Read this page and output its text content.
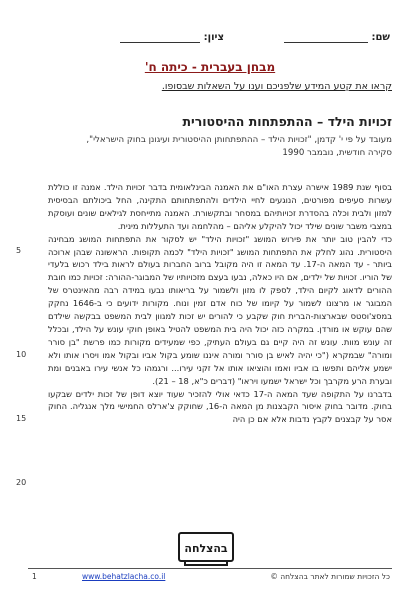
שם:
ציון:
מבחן בעברית - כיתה ח'
קראו את קטע המידע שלפניכם וענו על השאלות שבסופו.
זכויות הילד – ההתפתחות ההיסטורית
מעובד על פי י' קדמן, "זכויות הילד – ההתפתחותן ההיסטורית ועיגונן בחוק הישראלי", סקירה חודשית, נובמבר 1990

בסוף שנת 1989 אישרה עצרת האו"ם את האמנה הבינלאומית בדבר זכויות הילד. אמנה זו כוללת עשרות סעיפים מפורטים, הנוגעים לחיי הילדים ולהתפתחותם התקינה, החל ביכולתם הבסיסית למזון ולבית וכלה בהסדרת זכויותיהם במסחר ובתקשורת. האמנה מתייחסת לגילאים שונים ועוסקת במצבי משבר שונים שילד יכול להיקלע אליהם – מהלחמה ועד התעללות מינית.

כדי להבין טוב יותר את פירוש המושג "זכויות הילד" יש לסקור את התפתחות המושג מבחינה היסטורית. נהוג לחלק את התפתחות המושג "זכויות הילד" לכמה תקופות. הראשונה שבהן ארוכה ביותר - עד המאה ה-17. עד המאה זו היה מקובל ברוב החברות בעולם לראות בילד רכוש בלעדי של הוריו. זכויות של ילדים, אם היו כאלה, נבעו בעצם מזכויותיו של המבוגר-ההורה: זכויות כמו חובת ההורים לדאוג לקיום הילד, לספק לו מזון ולשמור על בריאותו נבעו במידה רבה מהאינטרס של המבוגר או מרצונו לשמור על קיומו של כוח אדם זמין ונוח. מקורות ידועים כי ב-1646 נחקק במסצ'וסטס שבארצות-הברית חוק שקבע כי להורים יש זכות למגוון לבית המשפט בבקשה שילדם שהם עוקש או מורדן. במקרה כזה יכול היה בית המשפט להטיל באופן חוקי עונש על הילד, ובכלל זה עונש מוות. עונש זה היה קיים גם בעולם העתיק, כפי שמעידים מקורות כמו פרשת "בן סורר ומורה" שבמקרא ("כי יהיה לאיש בן סורר ומורה איננו שומע בקול אביו ובקול אמו ויסרו אותו ולא ישמע אליהם ותפשו בו אביו ואמו והוציאו אותו אל זקני עירו... ורגמהו כל אנשי עירו באבנים ומת ובערת הרע מקרבך וכל ישראל ישמעו ויראו" (דברים כ"א, 18 – 21).

בדברנו על התקופה שעד המאה ה-17 כדאי אולי להזכיר שעוד יוצא דופן של זכות ילדים שבקעו בחוק. מדובר בחוק איסור הקבצנות מן המאה ה-16, שחוקק צ'ארלס החמישי מלך אנגליה. החוק אסר על קבצנים לקבץ נדבות אלא אם כן היה

5
10
15
20
בהצלחה
1	www.behatzlacha.co.il	כל הזכויות שמורות לאתר בהצלחה ©
